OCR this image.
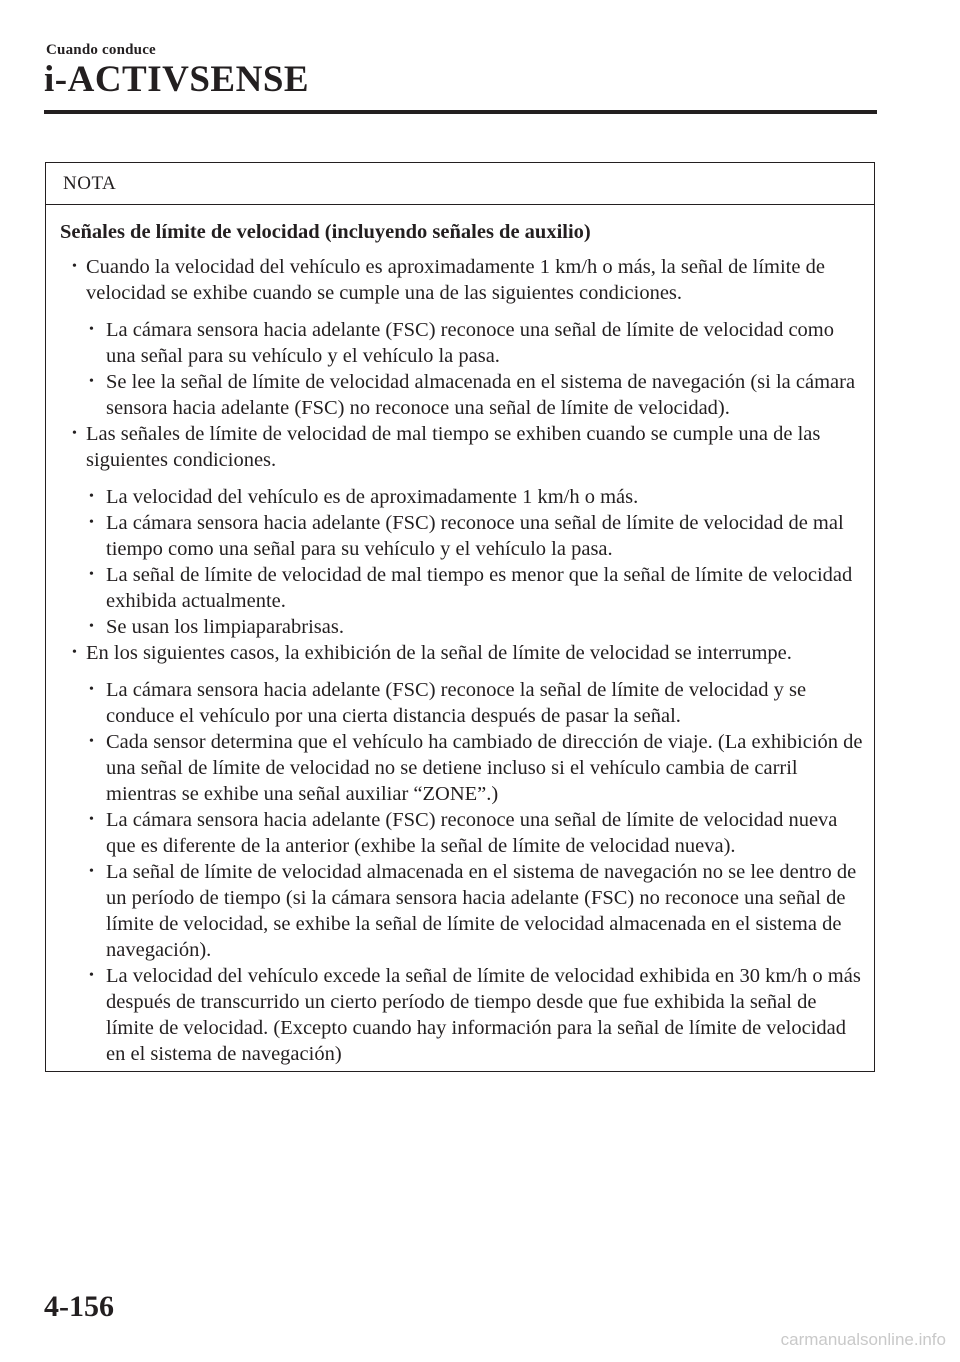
Cuando conduce
i-ACTIVSENSE
NOTA
Señales de límite de velocidad (incluyendo señales de auxilio)
• Cuando la velocidad del vehículo es aproximadamente 1 km/h o más, la señal de límite de velocidad se exhibe cuando se cumple una de las siguientes condiciones.
• La cámara sensora hacia adelante (FSC) reconoce una señal de límite de velocidad como una señal para su vehículo y el vehículo la pasa.
• Se lee la señal de límite de velocidad almacenada en el sistema de navegación (si la cámara sensora hacia adelante (FSC) no reconoce una señal de límite de velocidad).
• Las señales de límite de velocidad de mal tiempo se exhiben cuando se cumple una de las siguientes condiciones.
• La velocidad del vehículo es de aproximadamente 1 km/h o más.
• La cámara sensora hacia adelante (FSC) reconoce una señal de límite de velocidad de mal tiempo como una señal para su vehículo y el vehículo la pasa.
• La señal de límite de velocidad de mal tiempo es menor que la señal de límite de velocidad exhibida actualmente.
• Se usan los limpiaparabrisas.
• En los siguientes casos, la exhibición de la señal de límite de velocidad se interrumpe.
• La cámara sensora hacia adelante (FSC) reconoce la señal de límite de velocidad y se conduce el vehículo por una cierta distancia después de pasar la señal.
• Cada sensor determina que el vehículo ha cambiado de dirección de viaje. (La exhibición de una señal de límite de velocidad no se detiene incluso si el vehículo cambia de carril mientras se exhibe una señal auxiliar “ZONE”.)
• La cámara sensora hacia adelante (FSC) reconoce una señal de límite de velocidad nueva que es diferente de la anterior (exhibe la señal de límite de velocidad nueva).
• La señal de límite de velocidad almacenada en el sistema de navegación no se lee dentro de un período de tiempo (si la cámara sensora hacia adelante (FSC) no reconoce una señal de límite de velocidad, se exhibe la señal de límite de velocidad almacenada en el sistema de navegación).
• La velocidad del vehículo excede la señal de límite de velocidad exhibida en 30 km/h o más después de transcurrido un cierto período de tiempo desde que fue exhibida la señal de límite de velocidad. (Excepto cuando hay información para la señal de límite de velocidad en el sistema de navegación)
4-156
carmanualsonline.info
